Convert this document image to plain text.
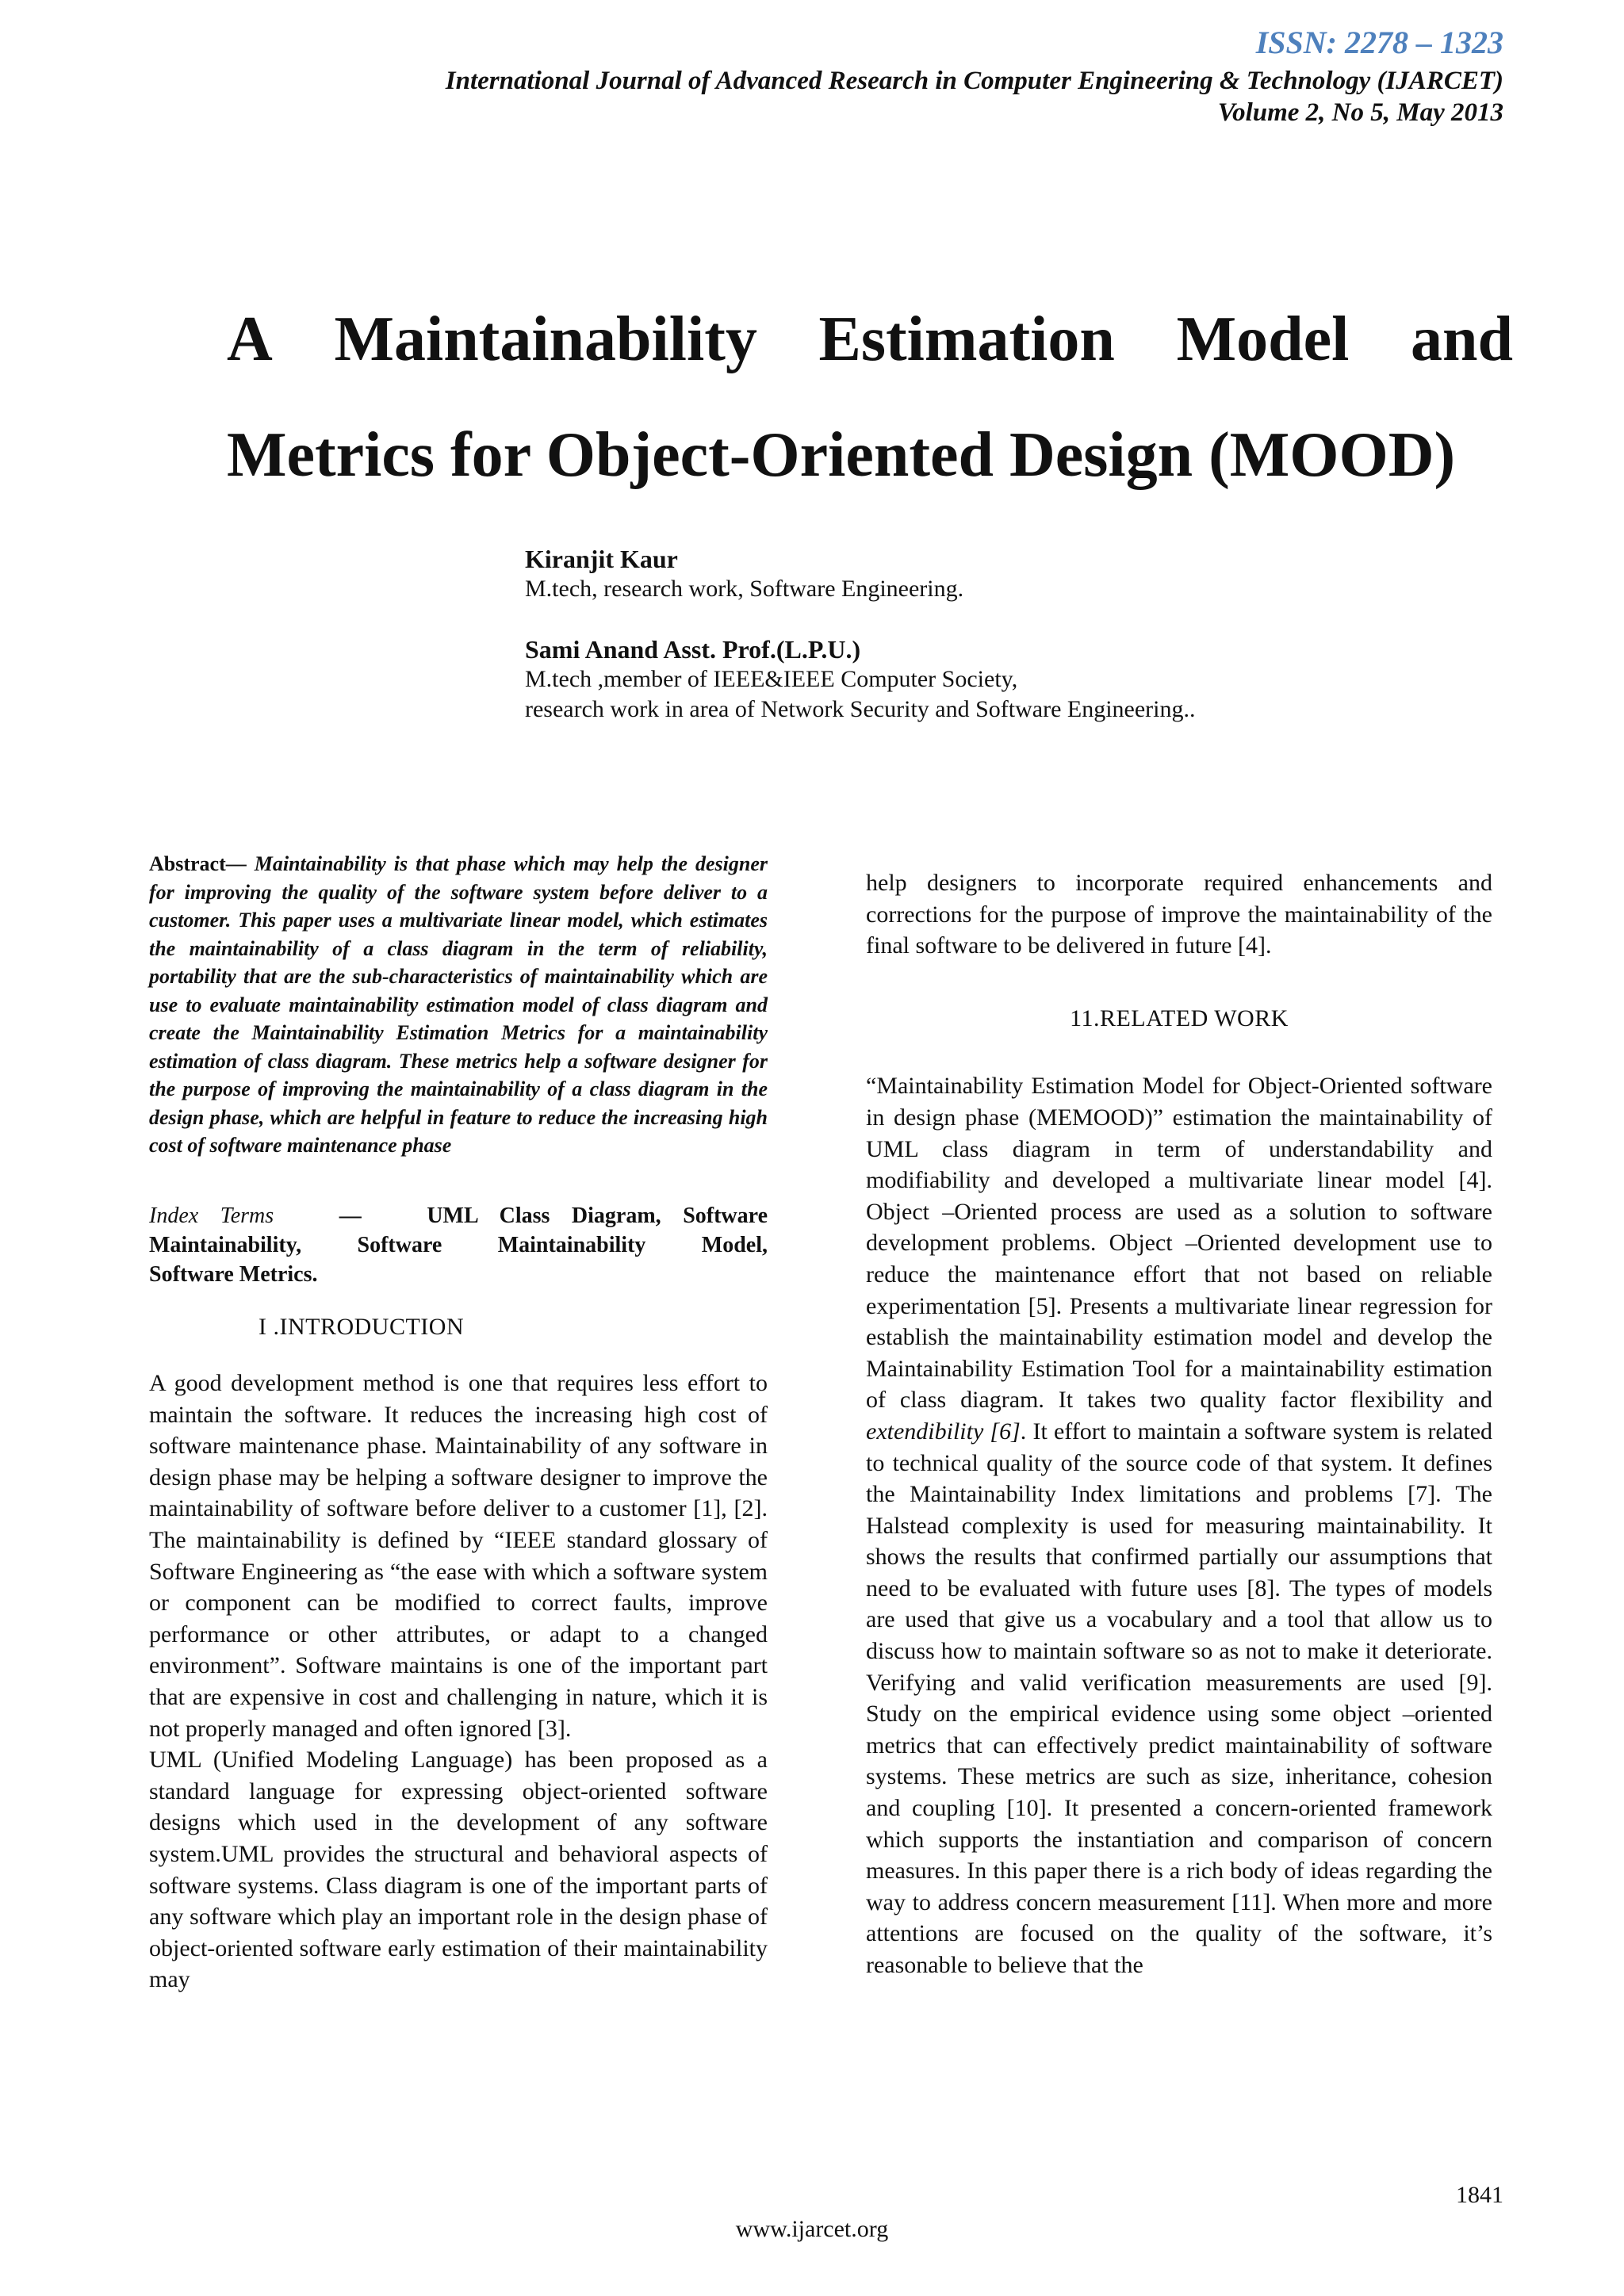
ISSN: 2278 – 1323
International Journal of Advanced Research in Computer Engineering & Technology (IJARCET)
Volume 2, No 5, May 2013
A Maintainability Estimation Model and
Metrics for Object-Oriented Design (MOOD)
Kiranjit Kaur
M.tech, research work, Software Engineering.
Sami Anand Asst. Prof.(L.P.U.)
M.tech ,member of IEEE&IEEE Computer Society,
research work in area of Network Security and Software Engineering..

Abstract— Maintainability is that phase which may help the designer for improving the quality of the software system before deliver to a customer. This paper uses a multivariate linear model, which estimates the maintainability of a class diagram in the term of reliability, portability that are the sub-characteristics of maintainability which are use to evaluate maintainability estimation model of class diagram and create the Maintainability Estimation Metrics for a maintainability estimation of class diagram. These metrics help a software designer for the purpose of improving the maintainability of a class diagram in the design phase, which are helpful in feature to reduce the increasing high cost of software maintenance phase

Index Terms	—	UML Class Diagram, Software
Maintainability, Software Maintainability Model,
Software Metrics.
I .INTRODUCTION

A good development method is one that requires less effort to maintain the software. It reduces the increasing high cost of software maintenance phase. Maintainability of any software in design phase may be helping a software designer to improve the maintainability of software before deliver to a customer [1], [2]. The maintainability is defined by “IEEE standard glossary of Software Engineering as “the ease with which a software system or component can be modified to correct faults, improve performance or other attributes, or adapt to a changed environment”. Software maintains is one of the important part that are expensive in cost and challenging in nature, which it is not properly managed and often ignored [3].

UML (Unified Modeling Language) has been proposed as a standard language for expressing object-oriented software designs which used in the development of any software system.UML provides the structural and behavioral aspects of software systems. Class diagram is one of the important parts of any software which play an important role in the design phase of object-oriented software early estimation of their maintainability may

help designers to incorporate required enhancements and corrections for the purpose of improve the maintainability of the final software to be delivered in future [4].

11.RELATED WORK

“Maintainability Estimation Model for Object-Oriented software in design phase (MEMOOD)” estimation the maintainability of UML class diagram in term of understandability and modifiability and developed a multivariate linear model [4]. Object –Oriented process are used as a solution to software development problems. Object –Oriented development use to reduce the maintenance effort that not based on reliable experimentation [5]. Presents a multivariate linear regression for establish the maintainability estimation model and develop the Maintainability Estimation Tool for a maintainability estimation of class diagram. It takes two quality factor flexibility and extendibility [6]. It effort to maintain a software system is related to technical quality of the source code of that system. It defines the Maintainability Index limitations and problems [7]. The Halstead complexity is used for measuring maintainability. It shows the results that confirmed partially our assumptions that need to be evaluated with future uses [8]. The types of models are used that give us a vocabulary and a tool that allow us to discuss how to maintain software so as not to make it deteriorate. Verifying and valid verification measurements are used [9]. Study on the empirical evidence using some object –oriented metrics that can effectively predict maintainability of software systems. These metrics are such as size, inheritance, cohesion and coupling [10]. It presented a concern-oriented framework which supports the instantiation and comparison of concern measures. In this paper there is a rich body of ideas regarding the way to address concern measurement [11]. When more and more attentions are focused on the quality of the software, it’s reasonable to believe that the

1841
www.ijarcet.org
